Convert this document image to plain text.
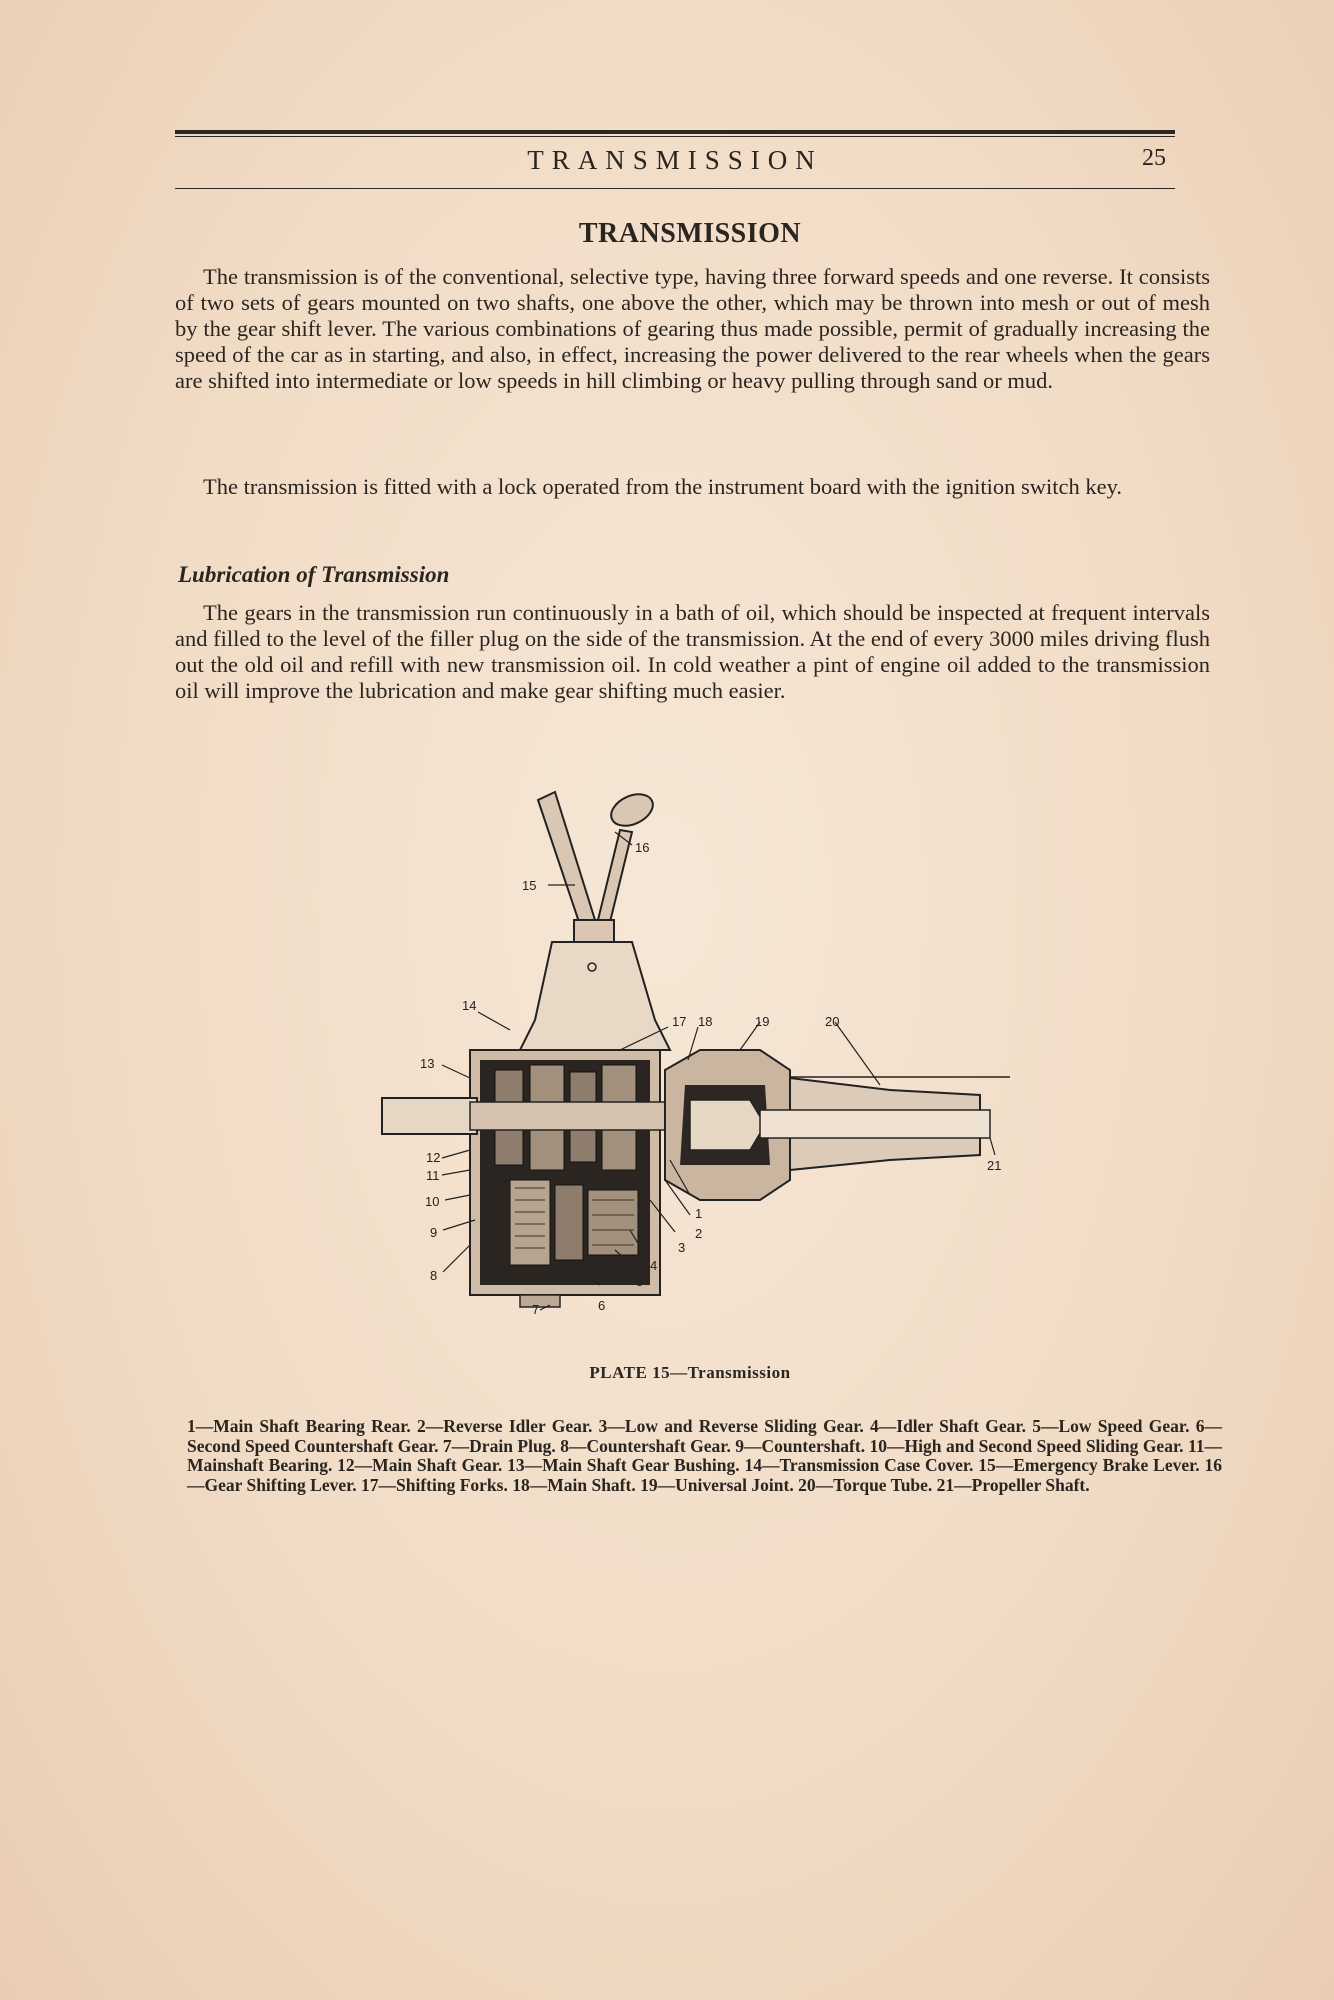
TRANSMISSION	25
TRANSMISSION

The transmission is of the conventional, selective type, having three forward speeds and one reverse. It consists of two sets of gears mounted on two shafts, one above the other, which may be thrown into mesh or out of mesh by the gear shift lever. The various combinations of gearing thus made possible, permit of gradually increasing the speed of the car as in starting, and also, in effect, increasing the power delivered to the rear wheels when the gears are shifted into intermediate or low speeds in hill climbing or heavy pulling through sand or mud.

The transmission is fitted with a lock operated from the instrument board with the ignition switch key.

Lubrication of Transmission

The gears in the transmission run continuously in a bath of oil, which should be inspected at frequent intervals and filled to the level of the filler plug on the side of the transmission. At the end of every 3000 miles driving flush out the old oil and refill with new transmission oil. In cold weather a pint of engine oil added to the transmission oil will improve the lubrication and make gear shifting much easier.

1
2
3
4
5
6
7
8
9
10
11
12
13
14
15
16
17 18	19	20
21
PLATE 15—Transmission

1—Main Shaft Bearing Rear. 2—Reverse Idler Gear. 3—Low and Reverse Sliding Gear. 4—Idler Shaft Gear. 5—Low Speed Gear. 6—Second Speed Countershaft Gear. 7—Drain Plug. 8—Countershaft Gear. 9—Countershaft. 10—High and Second Speed Sliding Gear. 11—Mainshaft Bearing. 12—Main Shaft Gear. 13—Main Shaft Gear Bushing. 14—Transmission Case Cover. 15—Emergency Brake Lever. 16—Gear Shifting Lever. 17—Shifting Forks. 18—Main Shaft. 19—Universal Joint. 20—Torque Tube. 21—Propeller Shaft.
